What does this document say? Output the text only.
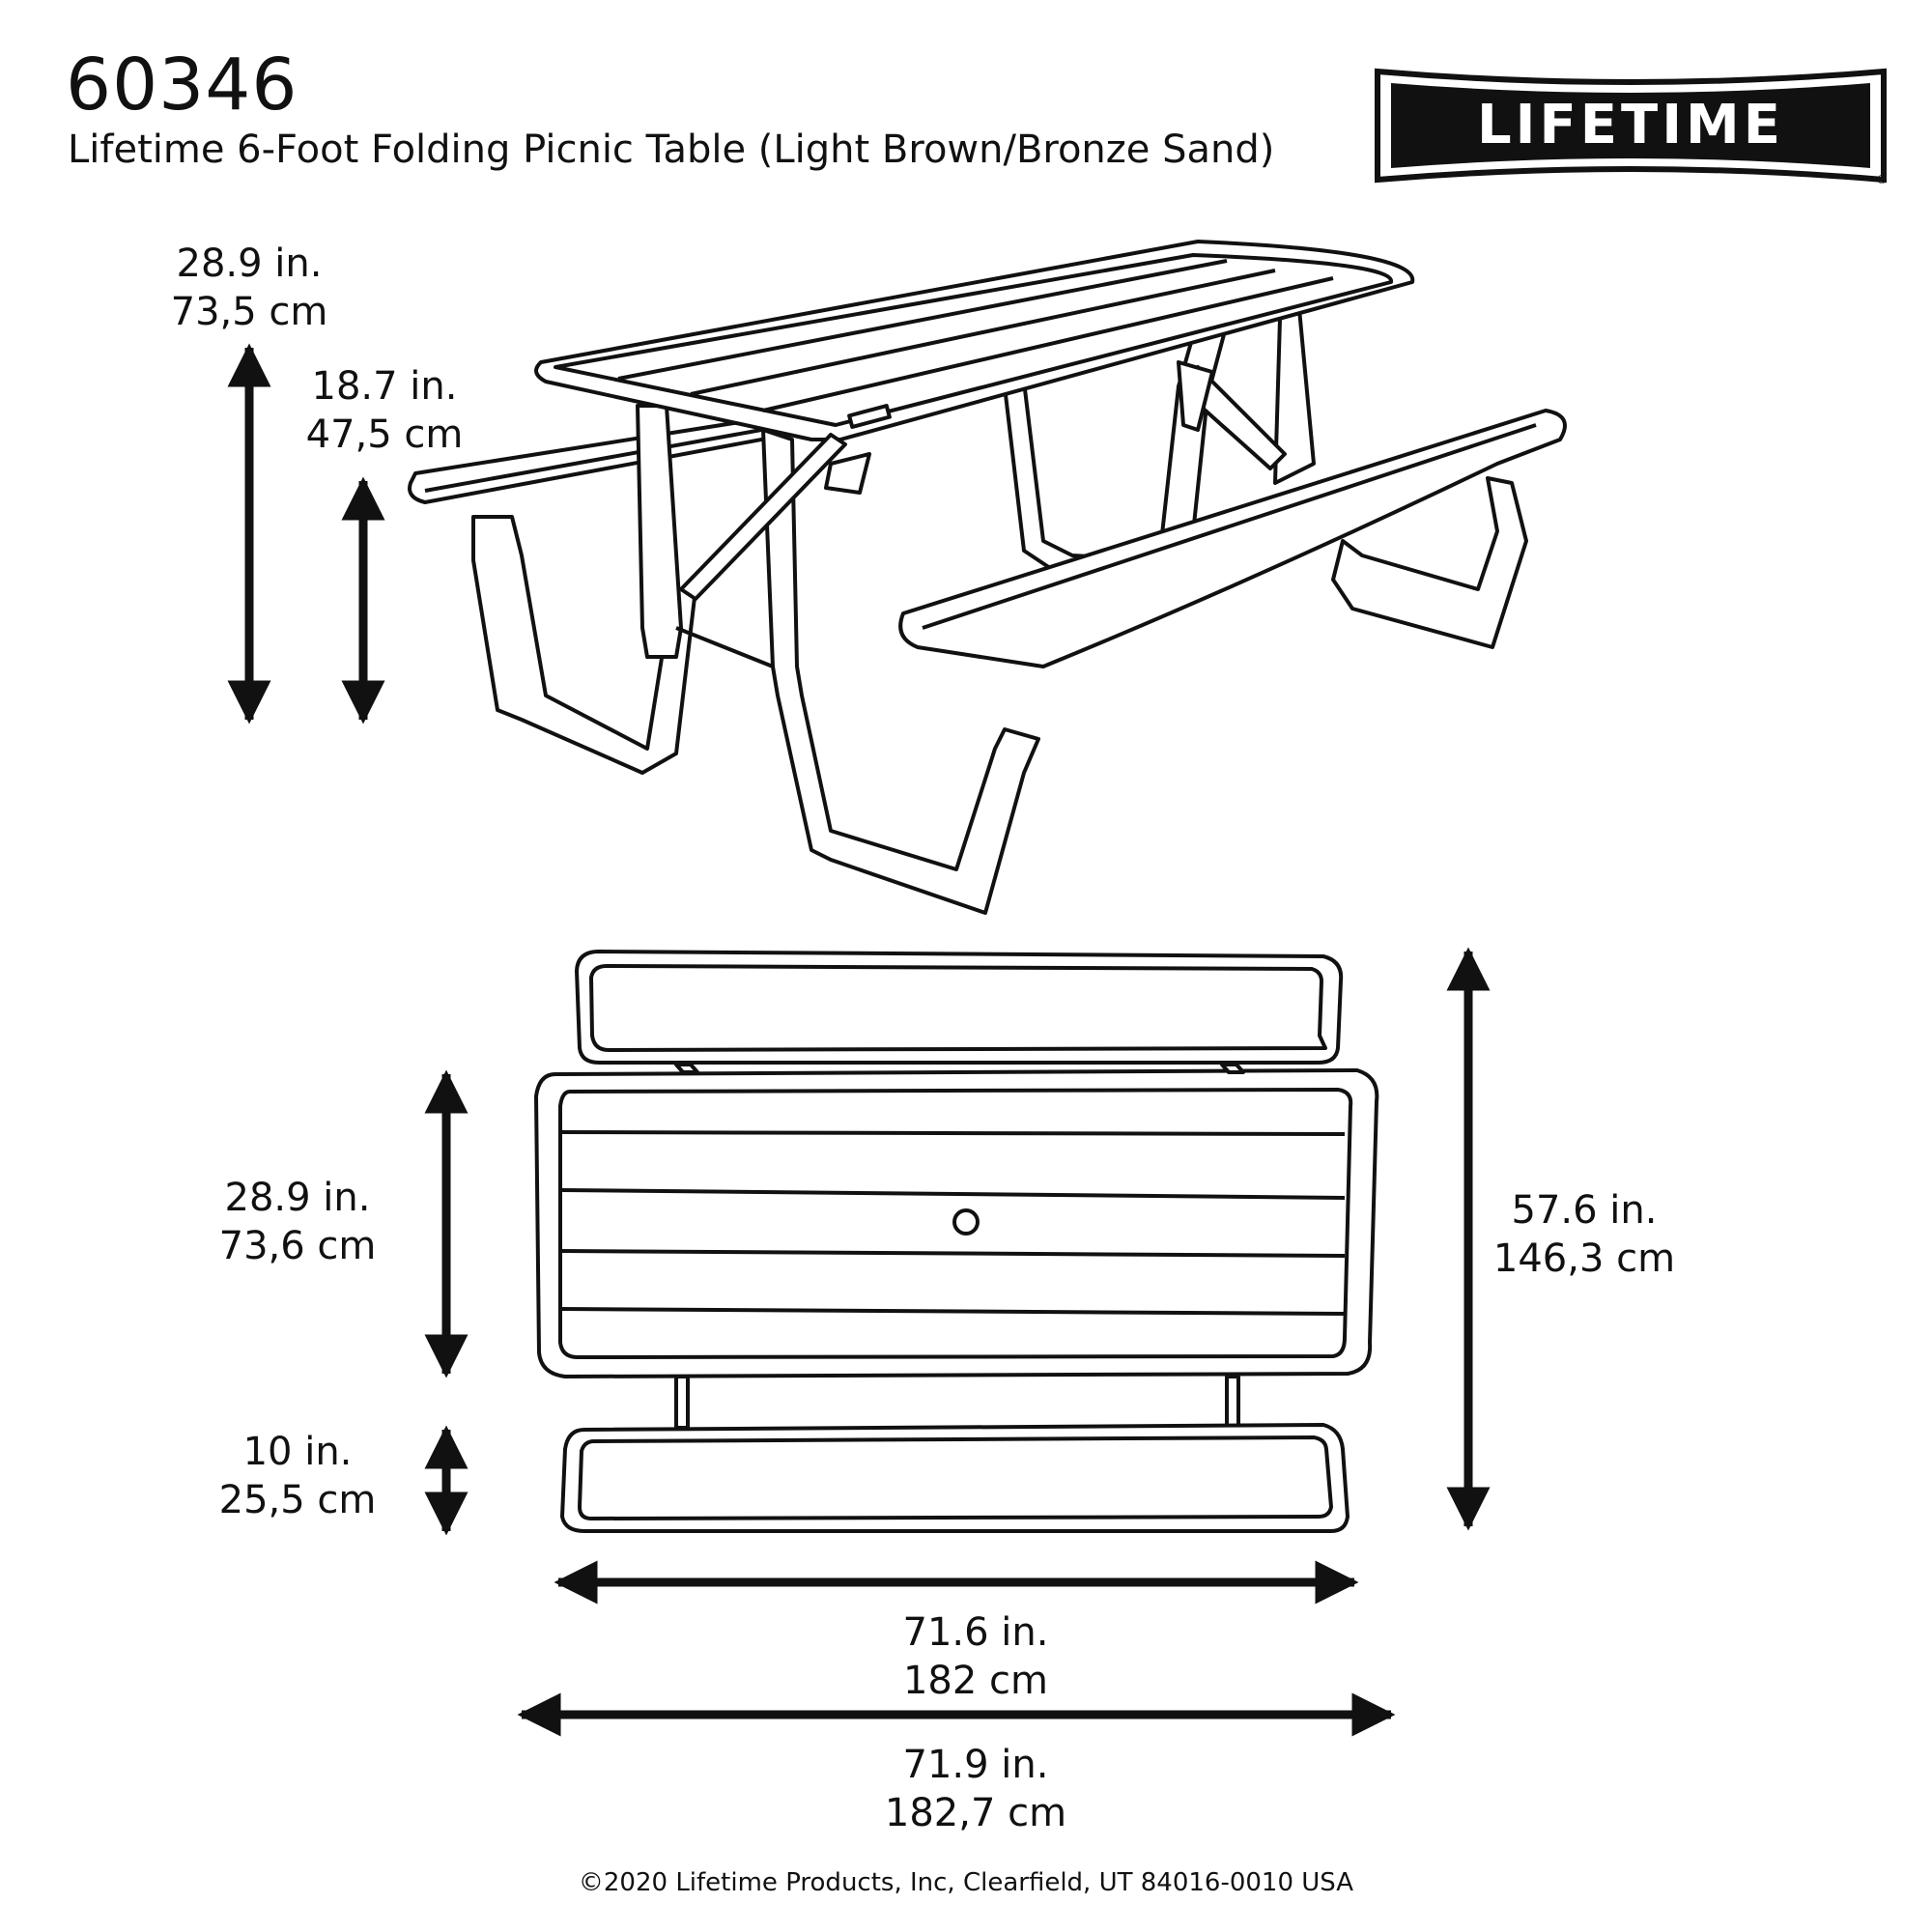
60346
Lifetime 6-Foot Folding Picnic Table (Light Brown/Bronze Sand)	LIFETIME
®
28.9 in.
73,5 cm
18.7 in.
47,5 cm
28.9 in.
73,6 cm
10 in.
25,5 cm
57.6 in.
146,3 cm
71.6 in.
182 cm
71.9 in.
182,7 cm
©2020 Lifetime Products, Inc, Clearfield, UT 84016-0010 USA
